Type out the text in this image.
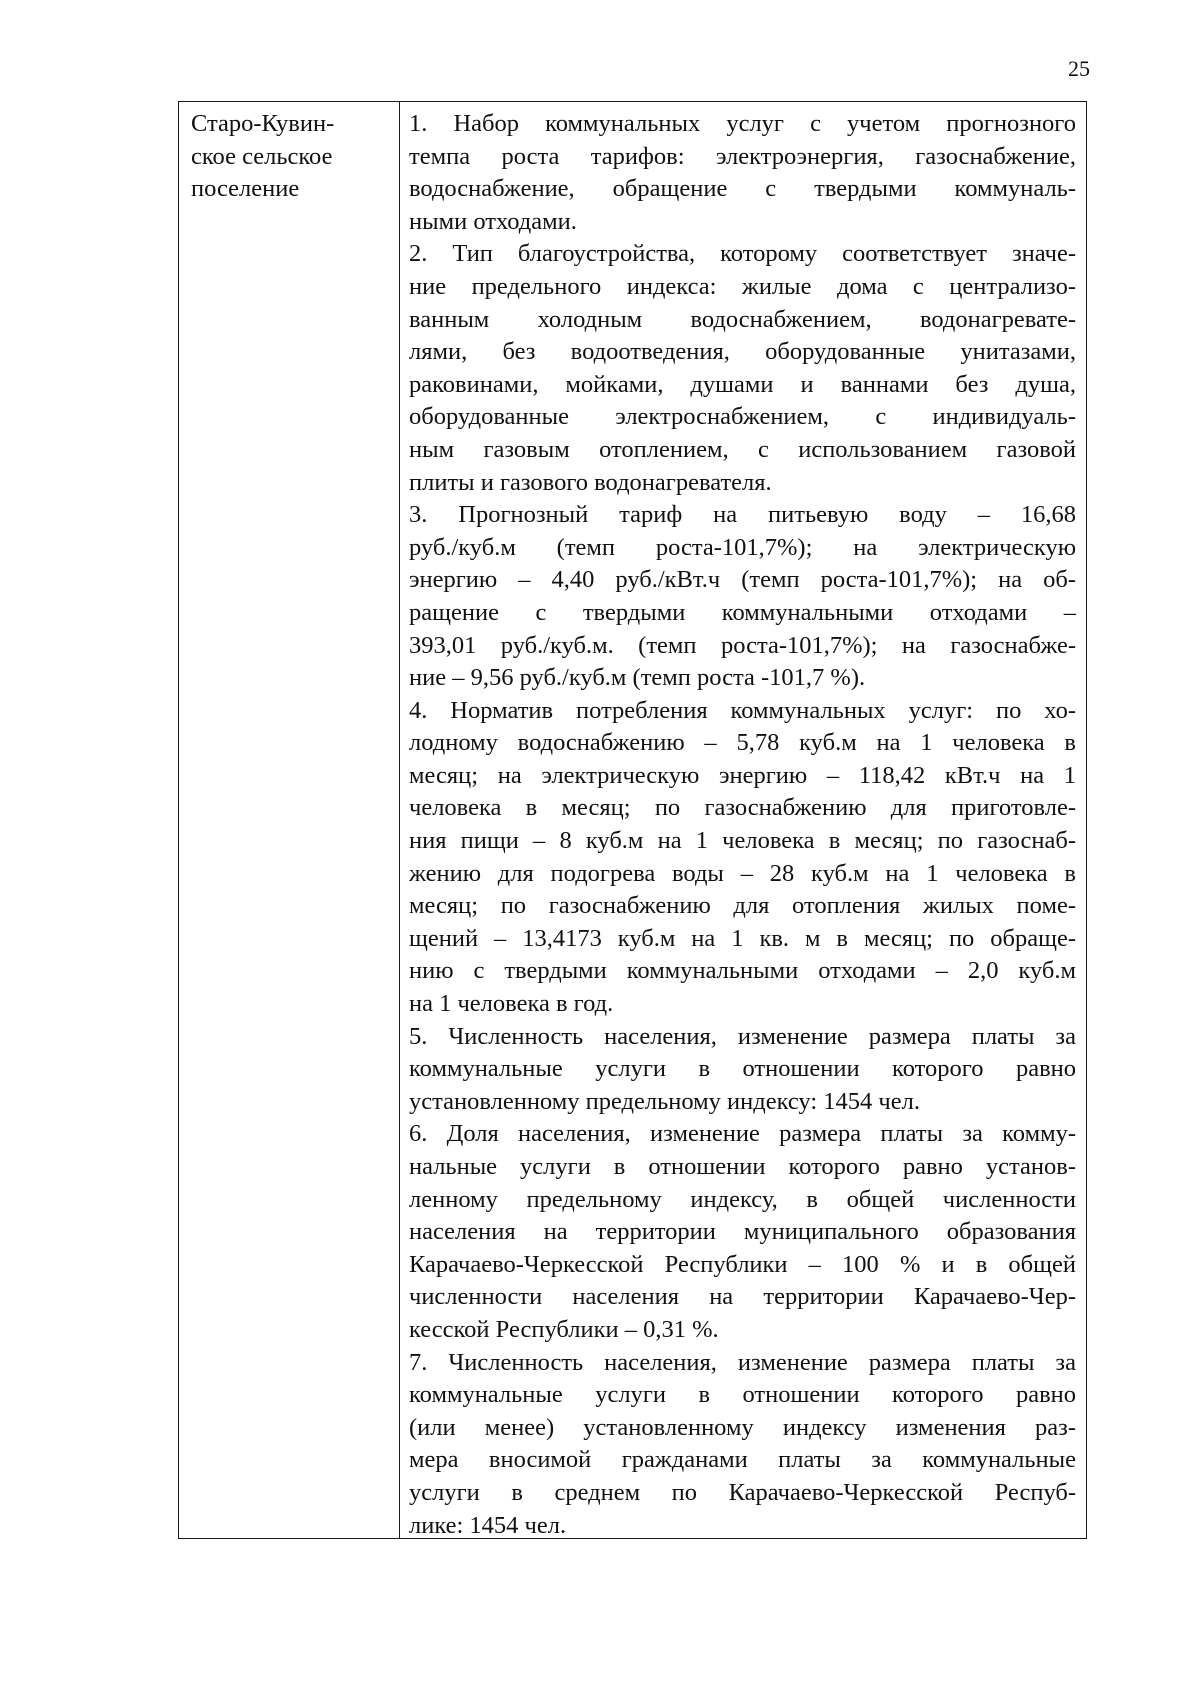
25
Старо-Кувин-
ское сельское
поселение
1. Набор коммунальных услуг с учетом прогнозного
темпа роста тарифов: электроэнергия, газоснабжение,
водоснабжение, обращение с твердыми коммуналь-
ными отходами.
2. Тип благоустройства, которому соответствует значе-
ние предельного индекса: жилые дома с централизо-
ванным холодным водоснабжением, водонагревате-
лями, без водоотведения, оборудованные унитазами,
раковинами, мойками, душами и ваннами без душа,
оборудованные электроснабжением, с индивидуаль-
ным газовым отоплением, с использованием газовой
плиты и газового водонагревателя.
3. Прогнозный тариф на питьевую воду – 16,68
руб./куб.м (темп роста-101,7%); на электрическую
энергию – 4,40 руб./кВт.ч (темп роста-101,7%); на об-
ращение с твердыми коммунальными отходами –
393,01 руб./куб.м. (темп роста-101,7%); на газоснабже-
ние – 9,56 руб./куб.м (темп роста -101,7 %).
4. Норматив потребления коммунальных услуг: по хо-
лодному водоснабжению – 5,78 куб.м на 1 человека в
месяц; на электрическую энергию – 118,42 кВт.ч на 1
человека в месяц; по газоснабжению для приготовле-
ния пищи – 8 куб.м на 1 человека в месяц; по газоснаб-
жению для подогрева воды – 28 куб.м на 1 человека в
месяц; по газоснабжению для отопления жилых поме-
щений – 13,4173 куб.м на 1 кв. м в месяц; по обраще-
нию с твердыми коммунальными отходами – 2,0 куб.м
на 1 человека в год.
5. Численность населения, изменение размера платы за
коммунальные услуги в отношении которого равно
установленному предельному индексу: 1454 чел.
6. Доля населения, изменение размера платы за комму-
нальные услуги в отношении которого равно установ-
ленному предельному индексу, в общей численности
населения на территории муниципального образования
Карачаево-Черкесской Республики – 100 % и в общей
численности населения на территории Карачаево-Чер-
кесской Республики – 0,31 %.
7. Численность населения, изменение размера платы за
коммунальные услуги в отношении которого равно
(или менее) установленному индексу изменения раз-
мера вносимой гражданами платы за коммунальные
услуги в среднем по Карачаево-Черкесской Респуб-
лике: 1454 чел.
